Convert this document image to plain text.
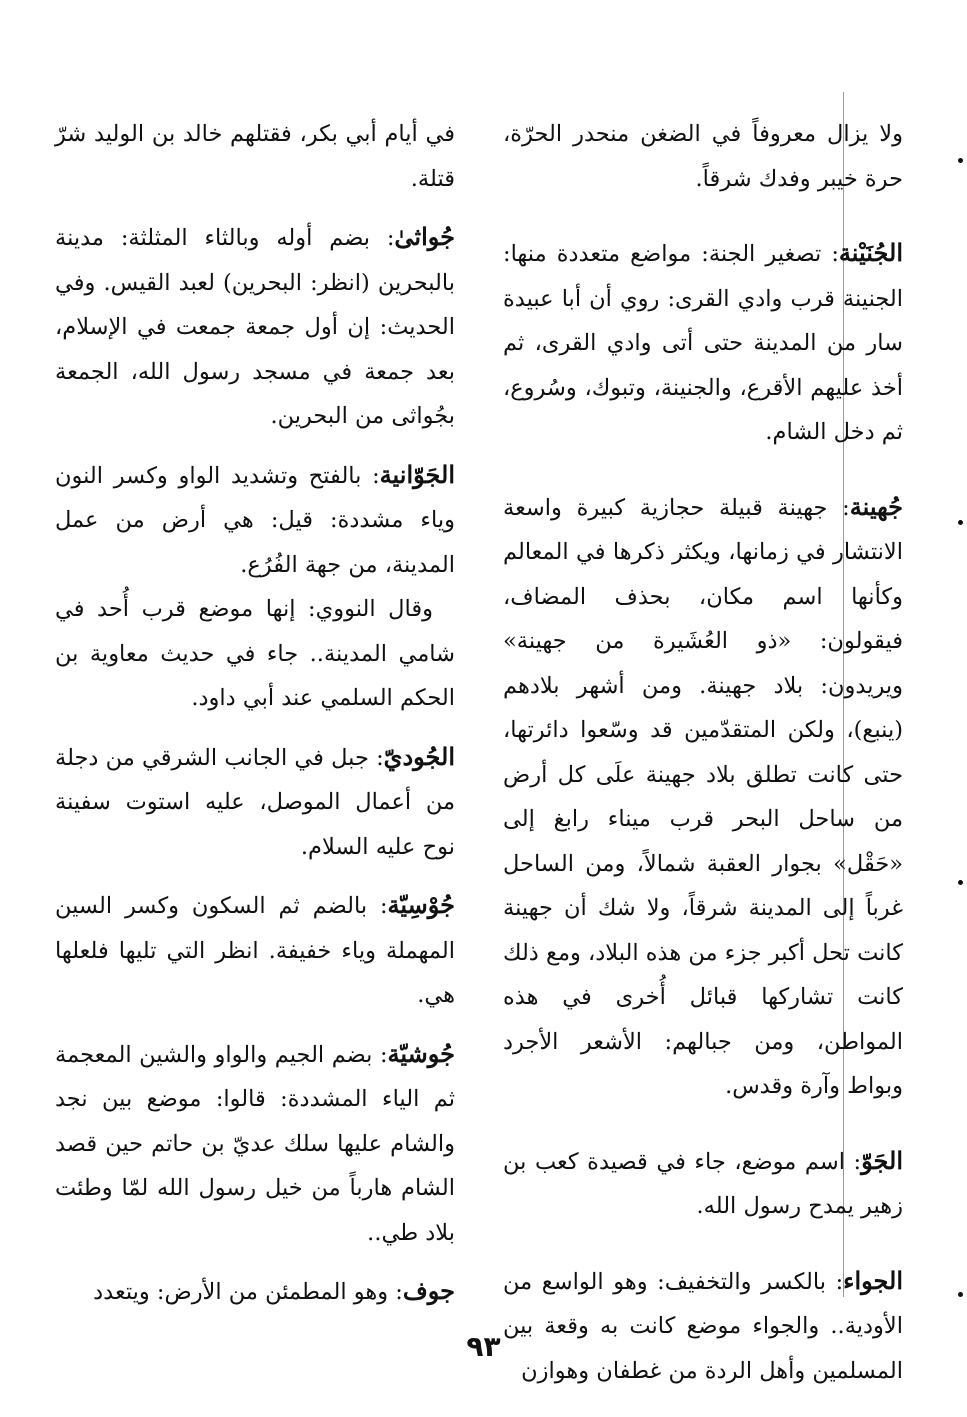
ولا يزال معروفاً في الضغن منحدر الحرّة، حرة خيبر وفدك شرقاً.

الجُنَيْنة: تصغير الجنة: مواضع متعددة منها: الجنينة قرب وادي القرى: روي أن أبا عبيدة سار من المدينة حتى أتى وادي القرى، ثم أخذ عليهم الأقرع، والجنينة، وتبوك، وسُروع، ثم دخل الشام.

جُهينة: جهينة قبيلة حجازية كبيرة واسعة الانتشار في زمانها، ويكثر ذكرها في المعالم وكأنها اسم مكان، بحذف المضاف، فيقولون: «ذو العُشَيرة من جهينة» ويريدون: بلاد جهينة. ومن أشهر بلادهم (ينبع)، ولكن المتقدّمين قد وسّعوا دائرتها، حتى كانت تطلق بلاد جهينة علَى كل أرض من ساحل البحر قرب ميناء رابغ إلى «حَقْل» بجوار العقبة شمالاً، ومن الساحل غرباً إلى المدينة شرقاً، ولا شك أن جهينة كانت تحل أكبر جزء من هذه البلاد، ومع ذلك كانت تشاركها قبائل أُخرى في هذه المواطن، ومن جبالهم: الأشعر الأجرد وبواط وآرة وقدس.

الجَوّ: اسم موضع، جاء في قصيدة كعب بن زهير يمدح رسول الله.

الجواء: بالكسر والتخفيف: وهو الواسع من الأودية.. والجواء موضع كانت به وقعة بين المسلمين وأهل الردة من غطفان وهوازن

في أيام أبي بكر، فقتلهم خالد بن الوليد شرّ قتلة.

جُواثىٰ: بضم أوله وبالثاء المثلثة: مدينة بالبحرين (انظر: البحرين) لعبد القيس. وفي الحديث: إن أول جمعة جمعت في الإسلام، بعد جمعة في مسجد رسول الله، الجمعة بجُواثى من البحرين.

الجَوّانية: بالفتح وتشديد الواو وكسر النون وياء مشددة: قيل: هي أرض من عمل المدينة، من جهة الفُرُع.

وقال النووي: إنها موضع قرب أُحد في شامي المدينة.. جاء في حديث معاوية بن الحكم السلمي عند أبي داود.

الجُوديّ: جبل في الجانب الشرقي من دجلة من أعمال الموصل، عليه استوت سفينة نوح عليه السلام.

جُوْسِيّة: بالضم ثم السكون وكسر السين المهملة وياء خفيفة. انظر التي تليها فلعلها هي.

جُوشيّة: بضم الجيم والواو والشين المعجمة ثم الياء المشددة: قالوا: موضع بين نجد والشام عليها سلك عديّ بن حاتم حين قصد الشام هارباً من خيل رسول الله لمّا وطئت بلاد طي..

جوف: وهو المطمئن من الأرض: ويتعدد

٩٣
